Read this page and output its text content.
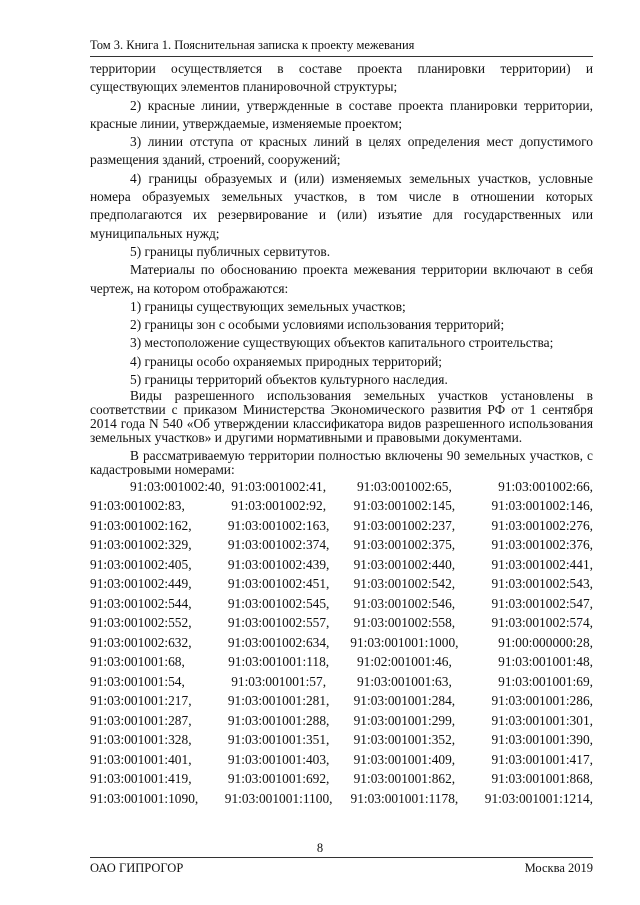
Том 3. Книга 1. Пояснительная записка к проекту межевания

территории осуществляется в составе проекта планировки территории) и существующих элементов планировочной структуры;

2) красные линии, утвержденные в составе проекта планировки территории, красные линии, утверждаемые, изменяемые проектом;

3) линии отступа от красных линий в целях определения мест допустимого размещения зданий, строений, сооружений;

4) границы образуемых и (или) изменяемых земельных участков, условные номера образуемых земельных участков, в том числе в отношении которых предполагаются их резервирование и (или) изъятие для государственных или муниципальных нужд;

5) границы публичных сервитутов.

Материалы по обоснованию проекта межевания территории включают в себя чертеж, на котором отображаются:

1) границы существующих земельных участков;

2) границы зон с особыми условиями использования территорий;

3) местоположение существующих объектов капитального строительства;

4) границы особо охраняемых природных территорий;

5) границы территорий объектов культурного наследия.

Виды разрешенного использования земельных участков установлены в соответствии с приказом Министерства Экономического развития РФ от 1 сентября 2014 года N 540 «Об утверждении классификатора видов разрешенного использования земельных участков» и другими нормативными и правовыми документами.

В рассматриваемую территории полностью включены 90 земельных участков, с кадастровыми номерами:

91:03:001002:40,	91:03:001002:41,	91:03:001002:65,	91:03:001002:66,
91:03:001002:83,	91:03:001002:92,	91:03:001002:145,	91:03:001002:146,
91:03:001002:162,	91:03:001002:163,	91:03:001002:237,	91:03:001002:276,
91:03:001002:329,	91:03:001002:374,	91:03:001002:375,	91:03:001002:376,
91:03:001002:405,	91:03:001002:439,	91:03:001002:440,	91:03:001002:441,
91:03:001002:449,	91:03:001002:451,	91:03:001002:542,	91:03:001002:543,
91:03:001002:544,	91:03:001002:545,	91:03:001002:546,	91:03:001002:547,
91:03:001002:552,	91:03:001002:557,	91:03:001002:558,	91:03:001002:574,
91:03:001002:632,	91:03:001002:634,	91:03:001001:1000,	91:00:000000:28,
91:03:001001:68,	91:03:001001:118,	91:02:001001:46,	91:03:001001:48,
91:03:001001:54,	91:03:001001:57,	91:03:001001:63,	91:03:001001:69,
91:03:001001:217,	91:03:001001:281,	91:03:001001:284,	91:03:001001:286,
91:03:001001:287,	91:03:001001:288,	91:03:001001:299,	91:03:001001:301,
91:03:001001:328,	91:03:001001:351,	91:03:001001:352,	91:03:001001:390,
91:03:001001:401,	91:03:001001:403,	91:03:001001:409,	91:03:001001:417,
91:03:001001:419,	91:03:001001:692,	91:03:001001:862,	91:03:001001:868,
91:03:001001:1090,	91:03:001001:1100,	91:03:001001:1178,	91:03:001001:1214,
8
ОАО ГИПРОГОР	Москва 2019
